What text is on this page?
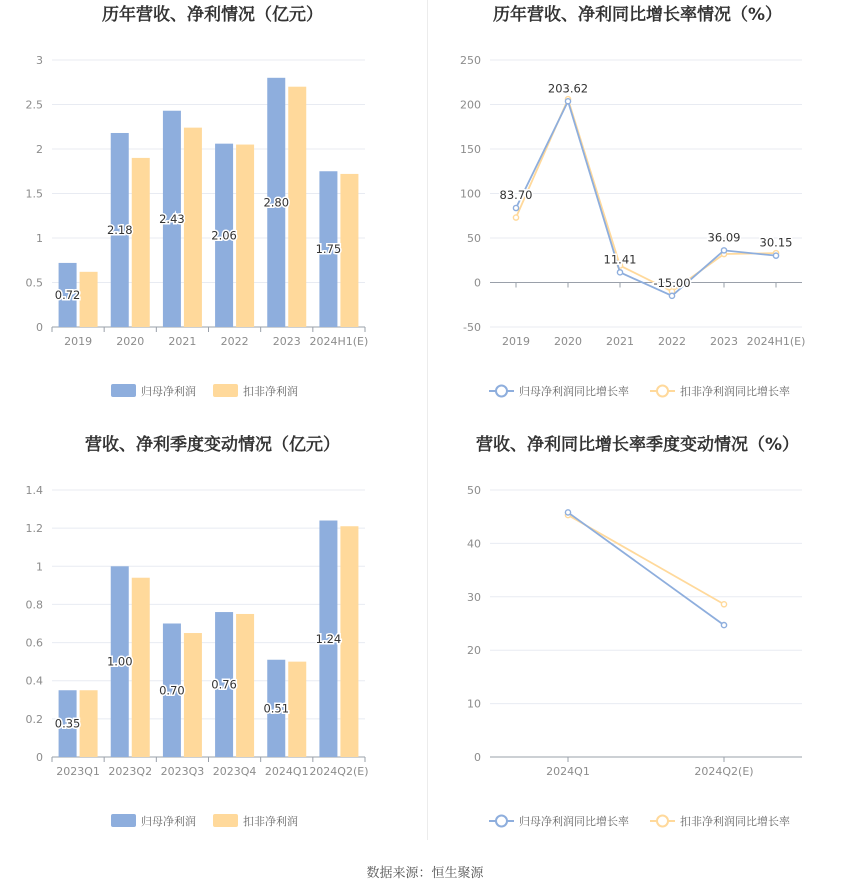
历年营收、净利情况（亿元）
0
0.5
1
1.5
2
2.5
3
2019 2020 2021 2022 2023 2024H1(E)
0.72
2.18
2.43
2.06
2.80
1.75
归母净利润	扣非净利润
历年营收、净利同比增长率情况（%）
-50
0
50
100
150
200
250
2019 2020 2021 2022 2023 2024H1(E)
83.70
203.62
11.41
-15.00
36.09 30.15
归母净利润同比增长率	扣非净利润同比增长率
营收、净利季度变动情况（亿元）
0
0.2
0.4
0.6
0.8
1
1.2
1.4
2023Q1 2023Q2 2023Q3 2023Q4 2024Q1 2024Q2(E)
0.35
1.00
0.70 0.76
0.51
1.24
归母净利润	扣非净利润
营收、净利同比增长率季度变动情况（%）
0
10
20
30
40
50
2024Q1	2024Q2(E)
归母净利润同比增长率	扣非净利润同比增长率
数据来源：恒生聚源
